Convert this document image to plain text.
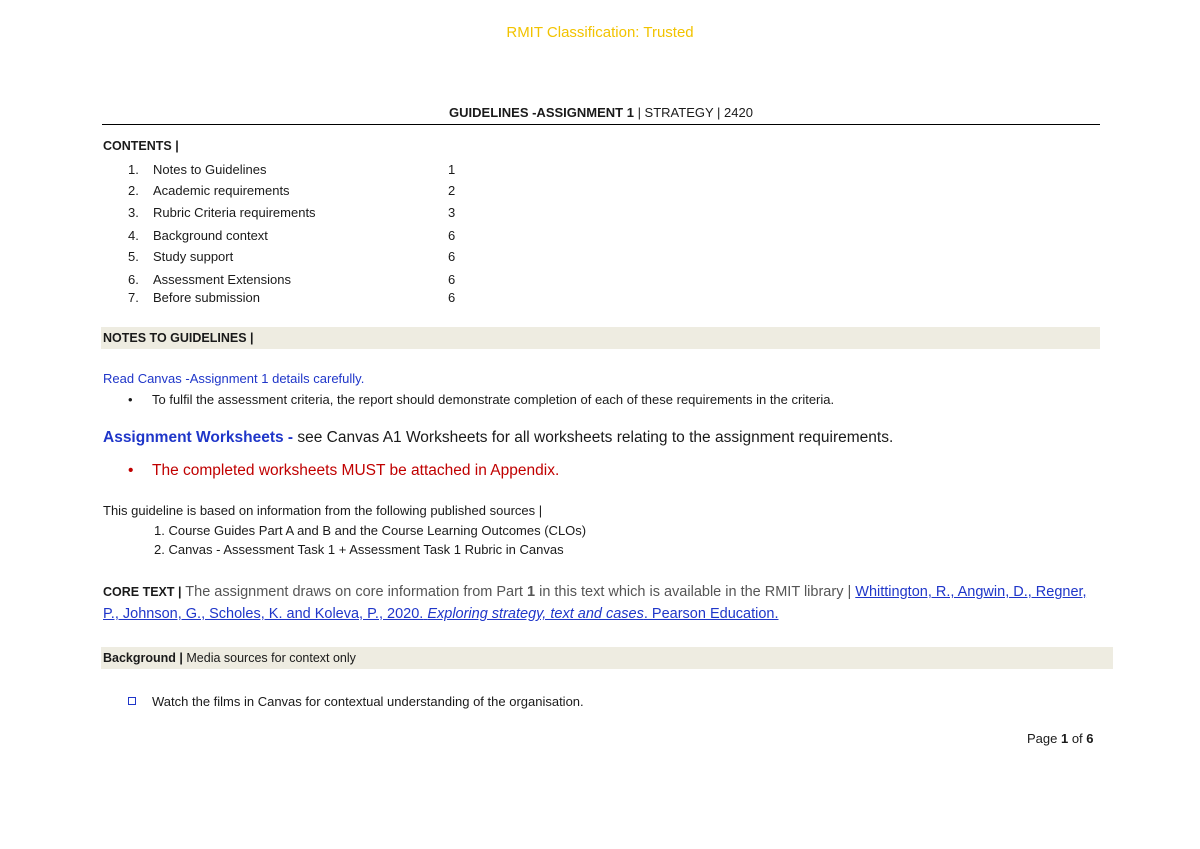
RMIT Classification: Trusted
GUIDELINES -ASSIGNMENT 1 | STRATEGY | 2420
CONTENTS |
1. Notes to Guidelines	1
2. Academic requirements	2
3. Rubric Criteria requirements	3
4. Background context	6
5. Study support	6
6. Assessment Extensions	6
7. Before submission	6
NOTES TO GUIDELINES |
Read Canvas -Assignment 1 details carefully.
• To fulfil the assessment criteria, the report should demonstrate completion of each of these requirements in the criteria.
Assignment Worksheets - see Canvas A1 Worksheets for all worksheets relating to the assignment requirements.
• The completed worksheets MUST be attached in Appendix.
This guideline is based on information from the following published sources |
1. Course Guides Part A and B and the Course Learning Outcomes (CLOs)
2. Canvas - Assessment Task 1 + Assessment Task 1 Rubric in Canvas
CORE TEXT | The assignment draws on core information from Part 1 in this text which is available in the RMIT library | Whittington, R., Angwin, D., Regner, P., Johnson, G., Scholes, K. and Koleva, P., 2020. Exploring strategy, text and cases. Pearson Education.
Background | Media sources for context only
Watch the films in Canvas for contextual understanding of the organisation.
Page 1 of 6
